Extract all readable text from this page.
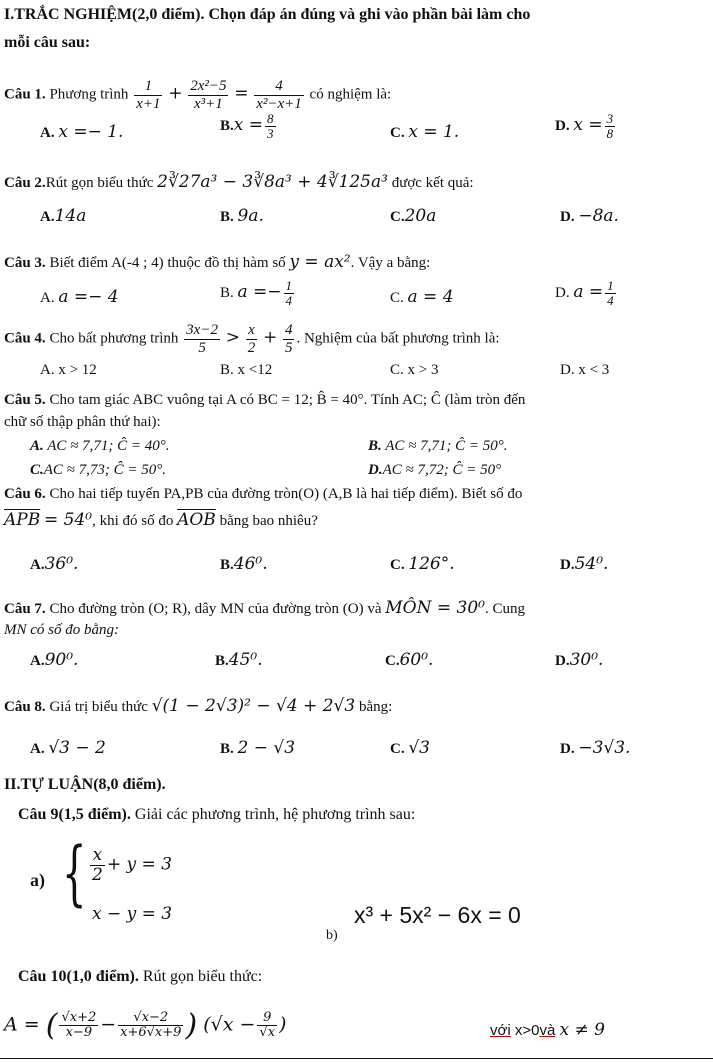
I.TRẮC NGHIỆM(2,0 điểm). Chọn đáp án đúng và ghi vào phần bài làm cho
mỗi câu sau:
Câu 1. Phương trình $\frac{1}{x+1} + \frac{\text{2x²−5}}{\text{x³+1}} = \frac{4}{\text{x²−x+1}}$ có nghiệm là:
A. x =− 1.	$B.x = \frac{8}{3}$	C. x = 1.	D. $x = \frac{3}{8}$
Câu 2.Rút gọn biểu thức 2∛27a³ − 3∛8a³ + 4∛125a³ được kết quả:
A.14a	B. 9a.	C.20a	D. −8a.
Câu 3. Biết điểm A(-4 ; 4) thuộc đồ thị hàm số y = ax². Vậy a bằng:
A. a =− 4	B. $a =- \frac{1}{4}$	C. a = 4	D. $a = \frac{1}{4}$
Câu 4. Cho bất phương trình $\frac{3x-2}{5} > \frac{x}{2} + \frac{4}{5}$ . Nghiệm của bất phương trình là:
A. x > 12	B. x <12	C. x > 3	D. x < 3
Câu 5. Cho tam giác ABC vuông tại A có BC = 12; B̂ = 40°. Tính AC; Ĉ (làm tròn đến
chữ số thập phân thứ hai):
A. AC ≈ 7,71; Ĉ = 40°.	B. AC ≈ 7,71; Ĉ = 50°.
C.AC ≈ 7,73; Ĉ = 50°.	D.AC ≈ 7,72; Ĉ = 50°
Câu 6. Cho hai tiếp tuyến PA,PB của đường tròn(O) (A,B là hai tiếp điểm). Biết số đo
$\overline{APB} = 54^0$, khi đó số đo $\overline{AOB}$ bằng bao nhiêu?
A.36⁰.	B.46⁰.	C. 126°.	D.54⁰.
Câu 7. Cho đường tròn (O; R), dây MN của đường tròn (O) và MÔN = 30⁰. Cung
MN có số đo bằng:
A.90⁰.	B.45⁰.	C.60⁰.	D.30⁰.
Câu 8. Giá trị biểu thức √(1 − 2√3)² − √4 + 2√3 bằng:
A. √3 − 2	B. 2 − √3	C. √3	D. −3√3.
II.TỰ LUẬN(8,0 điểm).
Câu 9(1,5 điểm). Giải các phương trình, hệ phương trình sau:
a) { $\frac{x}{2} + y = 3$
x − y = 3
b)
x³ + 5x² − 6x = 0
Câu 10(1,0 điểm). Rút gọn biểu thức:
A = ( $\frac{√x+2}{x-9} - \frac{√x-2}{x+6√x+9}$ ) ($√x - \frac{9}{√x}$ )	với x>0và x ≠ 9
